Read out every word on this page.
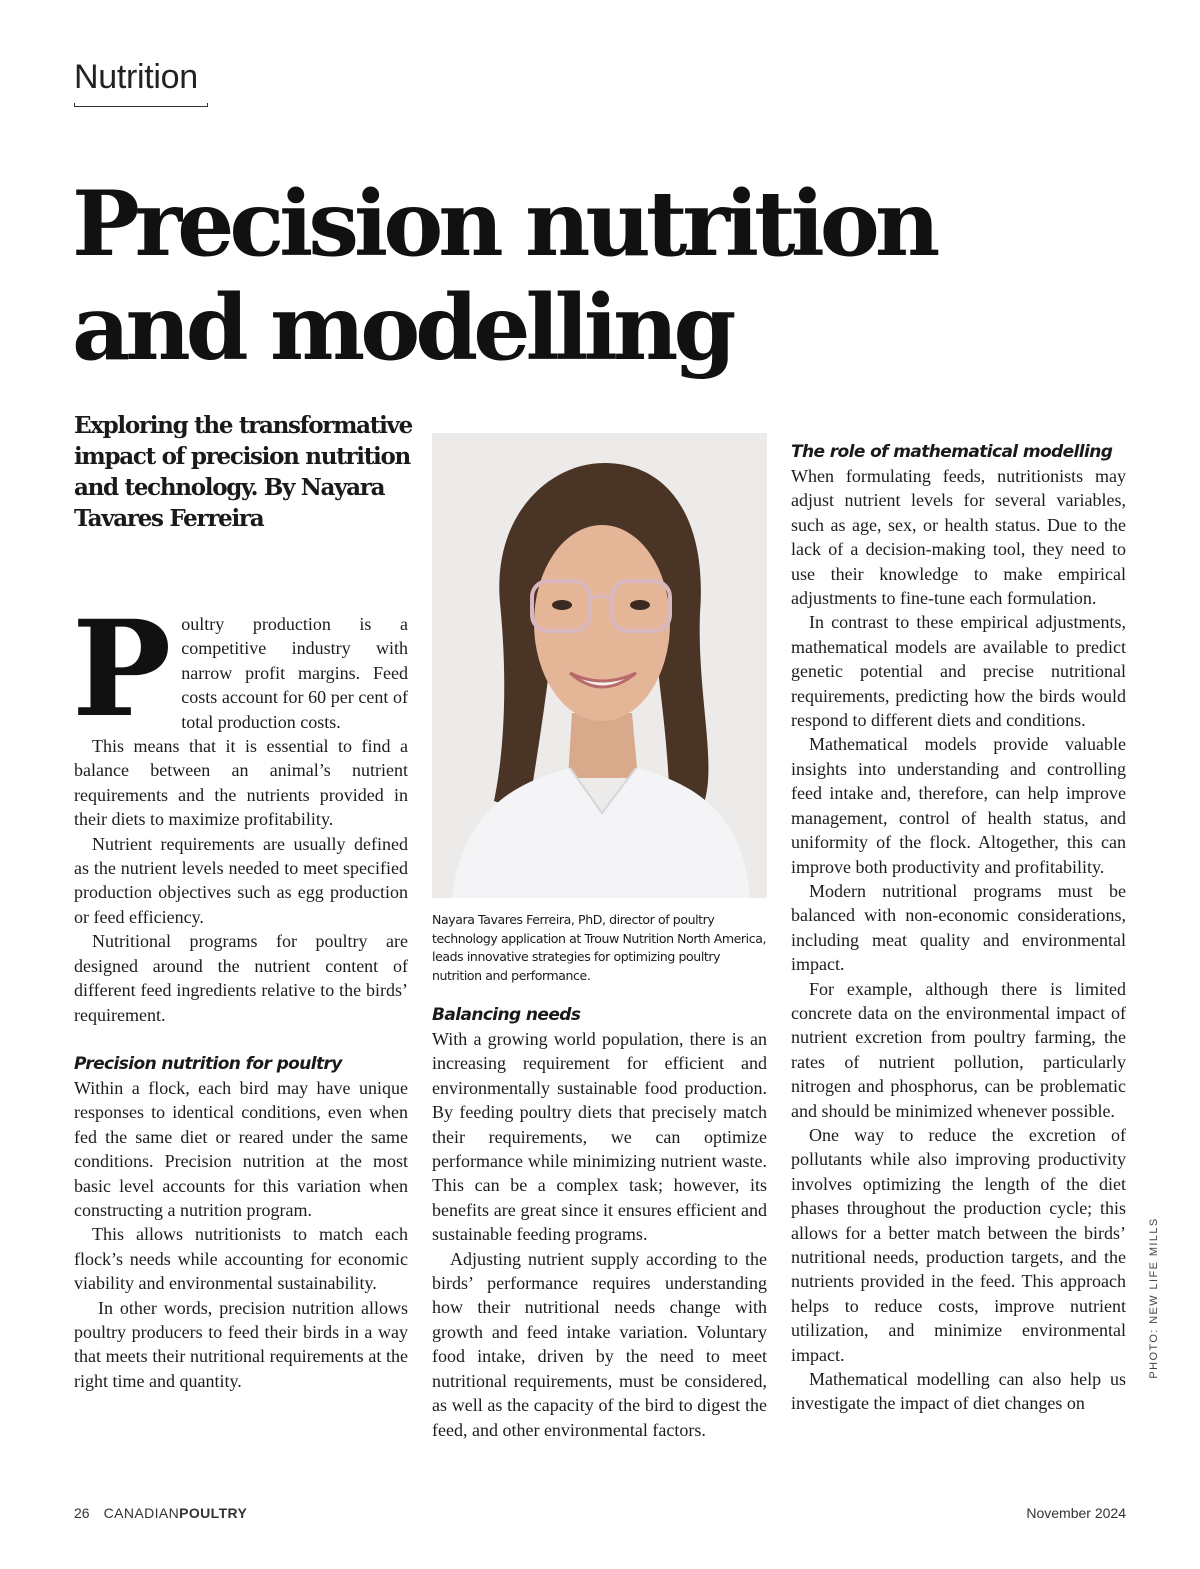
Nutrition
Precision nutrition
and modelling

Exploring the transformative impact of precision nutrition and technology. By Nayara Tavares Ferreira

Poultry production is a competitive industry with narrow profit margins. Feed costs account for 60 per cent of total production costs.

This means that it is essential to find a balance between an animal’s nutrient requirements and the nutrients provided in their diets to maximize profitability.

Nutrient requirements are usually defined as the nutrient levels needed to meet specified production objectives such as egg production or feed efficiency.

Nutritional programs for poultry are designed around the nutrient content of different feed ingredients relative to the birds’ requirement.

Precision nutrition for poultry

Within a flock, each bird may have unique responses to identical conditions, even when fed the same diet or reared under the same conditions. Precision nutrition at the most basic level accounts for this variation when constructing a nutrition program.

This allows nutritionists to match each flock’s needs while accounting for economic viability and environmental sustainability.

In other words, precision nutrition allows poultry producers to feed their birds in a way that meets their nutritional requirements at the right time and quantity.

Nayara Tavares Ferreira, PhD, director of poultry technology application at Trouw Nutrition North America, leads innovative strategies for optimizing poultry nutrition and performance.

Balancing needs

With a growing world population, there is an increasing requirement for efficient and environmentally sustainable food production. By feeding poultry diets that precisely match their requirements, we can optimize performance while minimizing nutrient waste. This can be a complex task; however, its benefits are great since it ensures efficient and sustainable feeding programs.

Adjusting nutrient supply according to the birds’ performance requires understanding how their nutritional needs change with growth and feed intake variation. Voluntary food intake, driven by the need to meet nutritional requirements, must be considered, as well as the capacity of the bird to digest the feed, and other environmental factors.

The role of mathematical modelling

When formulating feeds, nutritionists may adjust nutrient levels for several variables, such as age, sex, or health status. Due to the lack of a decision-making tool, they need to use their knowledge to make empirical adjustments to fine-tune each formulation.

In contrast to these empirical adjustments, mathematical models are available to predict genetic potential and precise nutritional requirements, predicting how the birds would respond to different diets and conditions.

Mathematical models provide valuable insights into understanding and controlling feed intake and, therefore, can help improve management, control of health status, and uniformity of the flock. Altogether, this can improve both productivity and profitability.

Modern nutritional programs must be balanced with non-economic considerations, including meat quality and environmental impact.

For example, although there is limited concrete data on the environmental impact of nutrient excretion from poultry farming, the rates of nutrient pollution, particularly nitrogen and phosphorus, can be problematic and should be minimized whenever possible.

One way to reduce the excretion of pollutants while also improving productivity involves optimizing the length of the diet phases throughout the production cycle; this allows for a better match between the birds’ nutritional needs, production targets, and the nutrients provided in the feed. This approach helps to reduce costs, improve nutrient utilization, and minimize environmental impact.

Mathematical modelling can also help us investigate the impact of diet changes on

PHOTO: NEW LIFE MILLS
26 CANADIANPOULTRY	November 2024
